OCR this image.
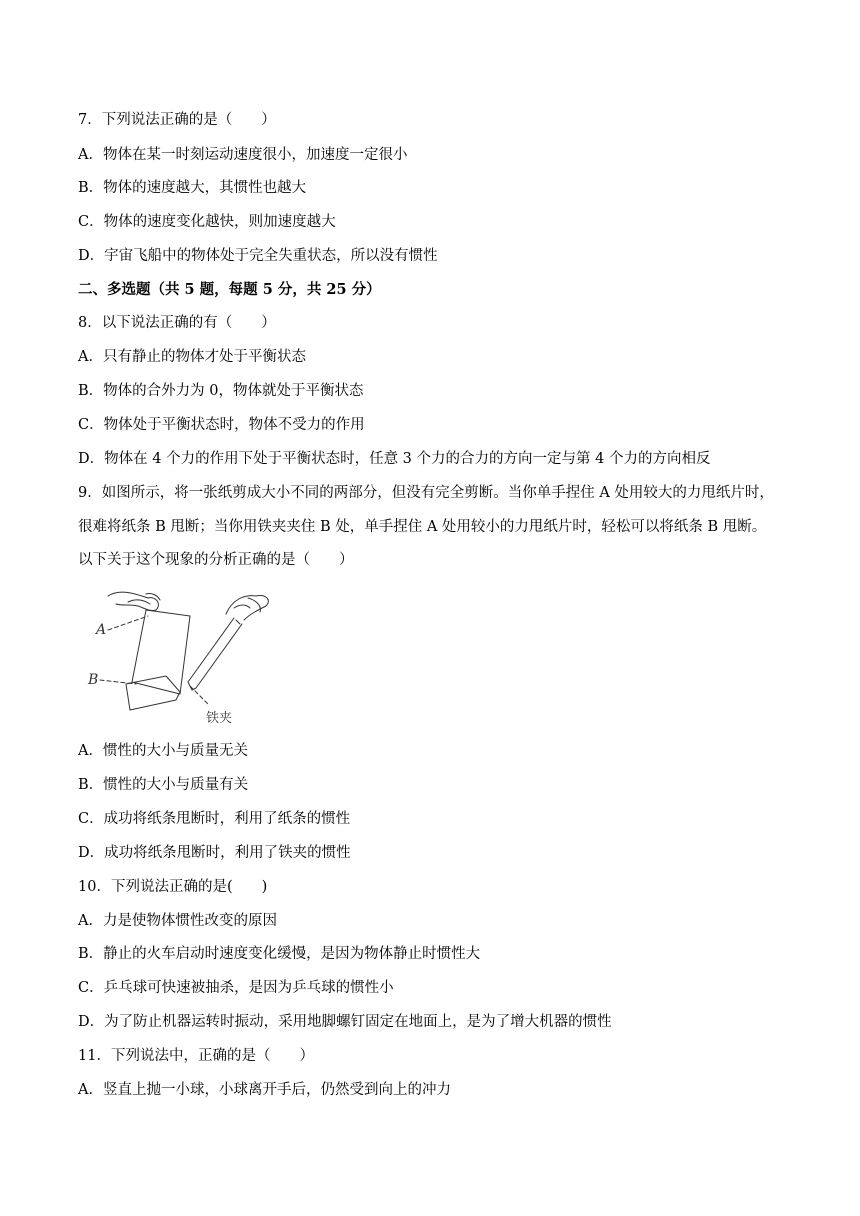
7．下列说法正确的是（　　）
A．物体在某一时刻运动速度很小，加速度一定很小
B．物体的速度越大，其惯性也越大
C．物体的速度变化越快，则加速度越大
D．宇宙飞船中的物体处于完全失重状态，所以没有惯性
二、多选题（共 5 题，每题 5 分，共 25 分）
8．以下说法正确的有（　　）
A．只有静止的物体才处于平衡状态
B．物体的合外力为 0，物体就处于平衡状态
C．物体处于平衡状态时，物体不受力的作用
D．物体在 4 个力的作用下处于平衡状态时，任意 3 个力的合力的方向一定与第 4 个力的方向相反
9．如图所示，将一张纸剪成大小不同的两部分，但没有完全剪断。当你单手捏住 A 处用较大的力甩纸片时，
很难将纸条 B 甩断；当你用铁夹夹住 B 处，单手捏住 A 处用较小的力甩纸片时，轻松可以将纸条 B 甩断。
以下关于这个现象的分析正确的是（　　）
A
B
铁夹
A．惯性的大小与质量无关
B．惯性的大小与质量有关
C．成功将纸条甩断时，利用了纸条的惯性
D．成功将纸条甩断时，利用了铁夹的惯性
10．下列说法正确的是(　　)
A．力是使物体惯性改变的原因
B．静止的火车启动时速度变化缓慢，是因为物体静止时惯性大
C．乒乓球可快速被抽杀，是因为乒乓球的惯性小
D．为了防止机器运转时振动，采用地脚螺钉固定在地面上，是为了增大机器的惯性
11．下列说法中，正确的是（　　）
A．竖直上抛一小球，小球离开手后，仍然受到向上的冲力
